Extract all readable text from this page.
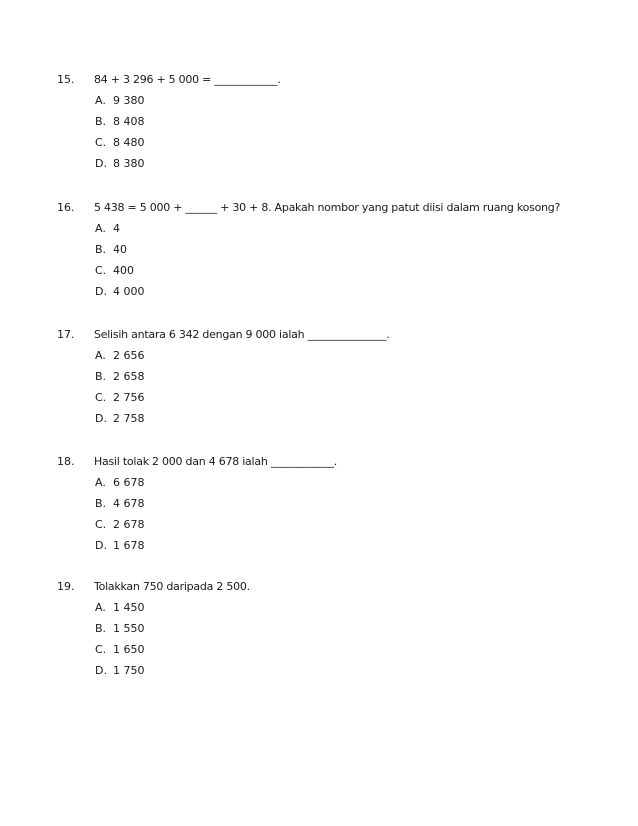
15. 84 + 3 296 + 5 000 = ____________.
A. 9 380
B. 8 408
C. 8 480
D. 8 380
16. 5 438 = 5 000 + ______ + 30 + 8. Apakah nombor yang patut diisi dalam ruang kosong?
A. 4
B. 40
C. 400
D. 4 000
17. Selisih antara 6 342 dengan 9 000 ialah _______________.
A. 2 656
B. 2 658
C. 2 756
D. 2 758
18. Hasil tolak 2 000 dan 4 678 ialah ____________.
A. 6 678
B. 4 678
C. 2 678
D. 1 678
19. Tolakkan 750 daripada 2 500.
A. 1 450
B. 1 550
C. 1 650
D. 1 750
